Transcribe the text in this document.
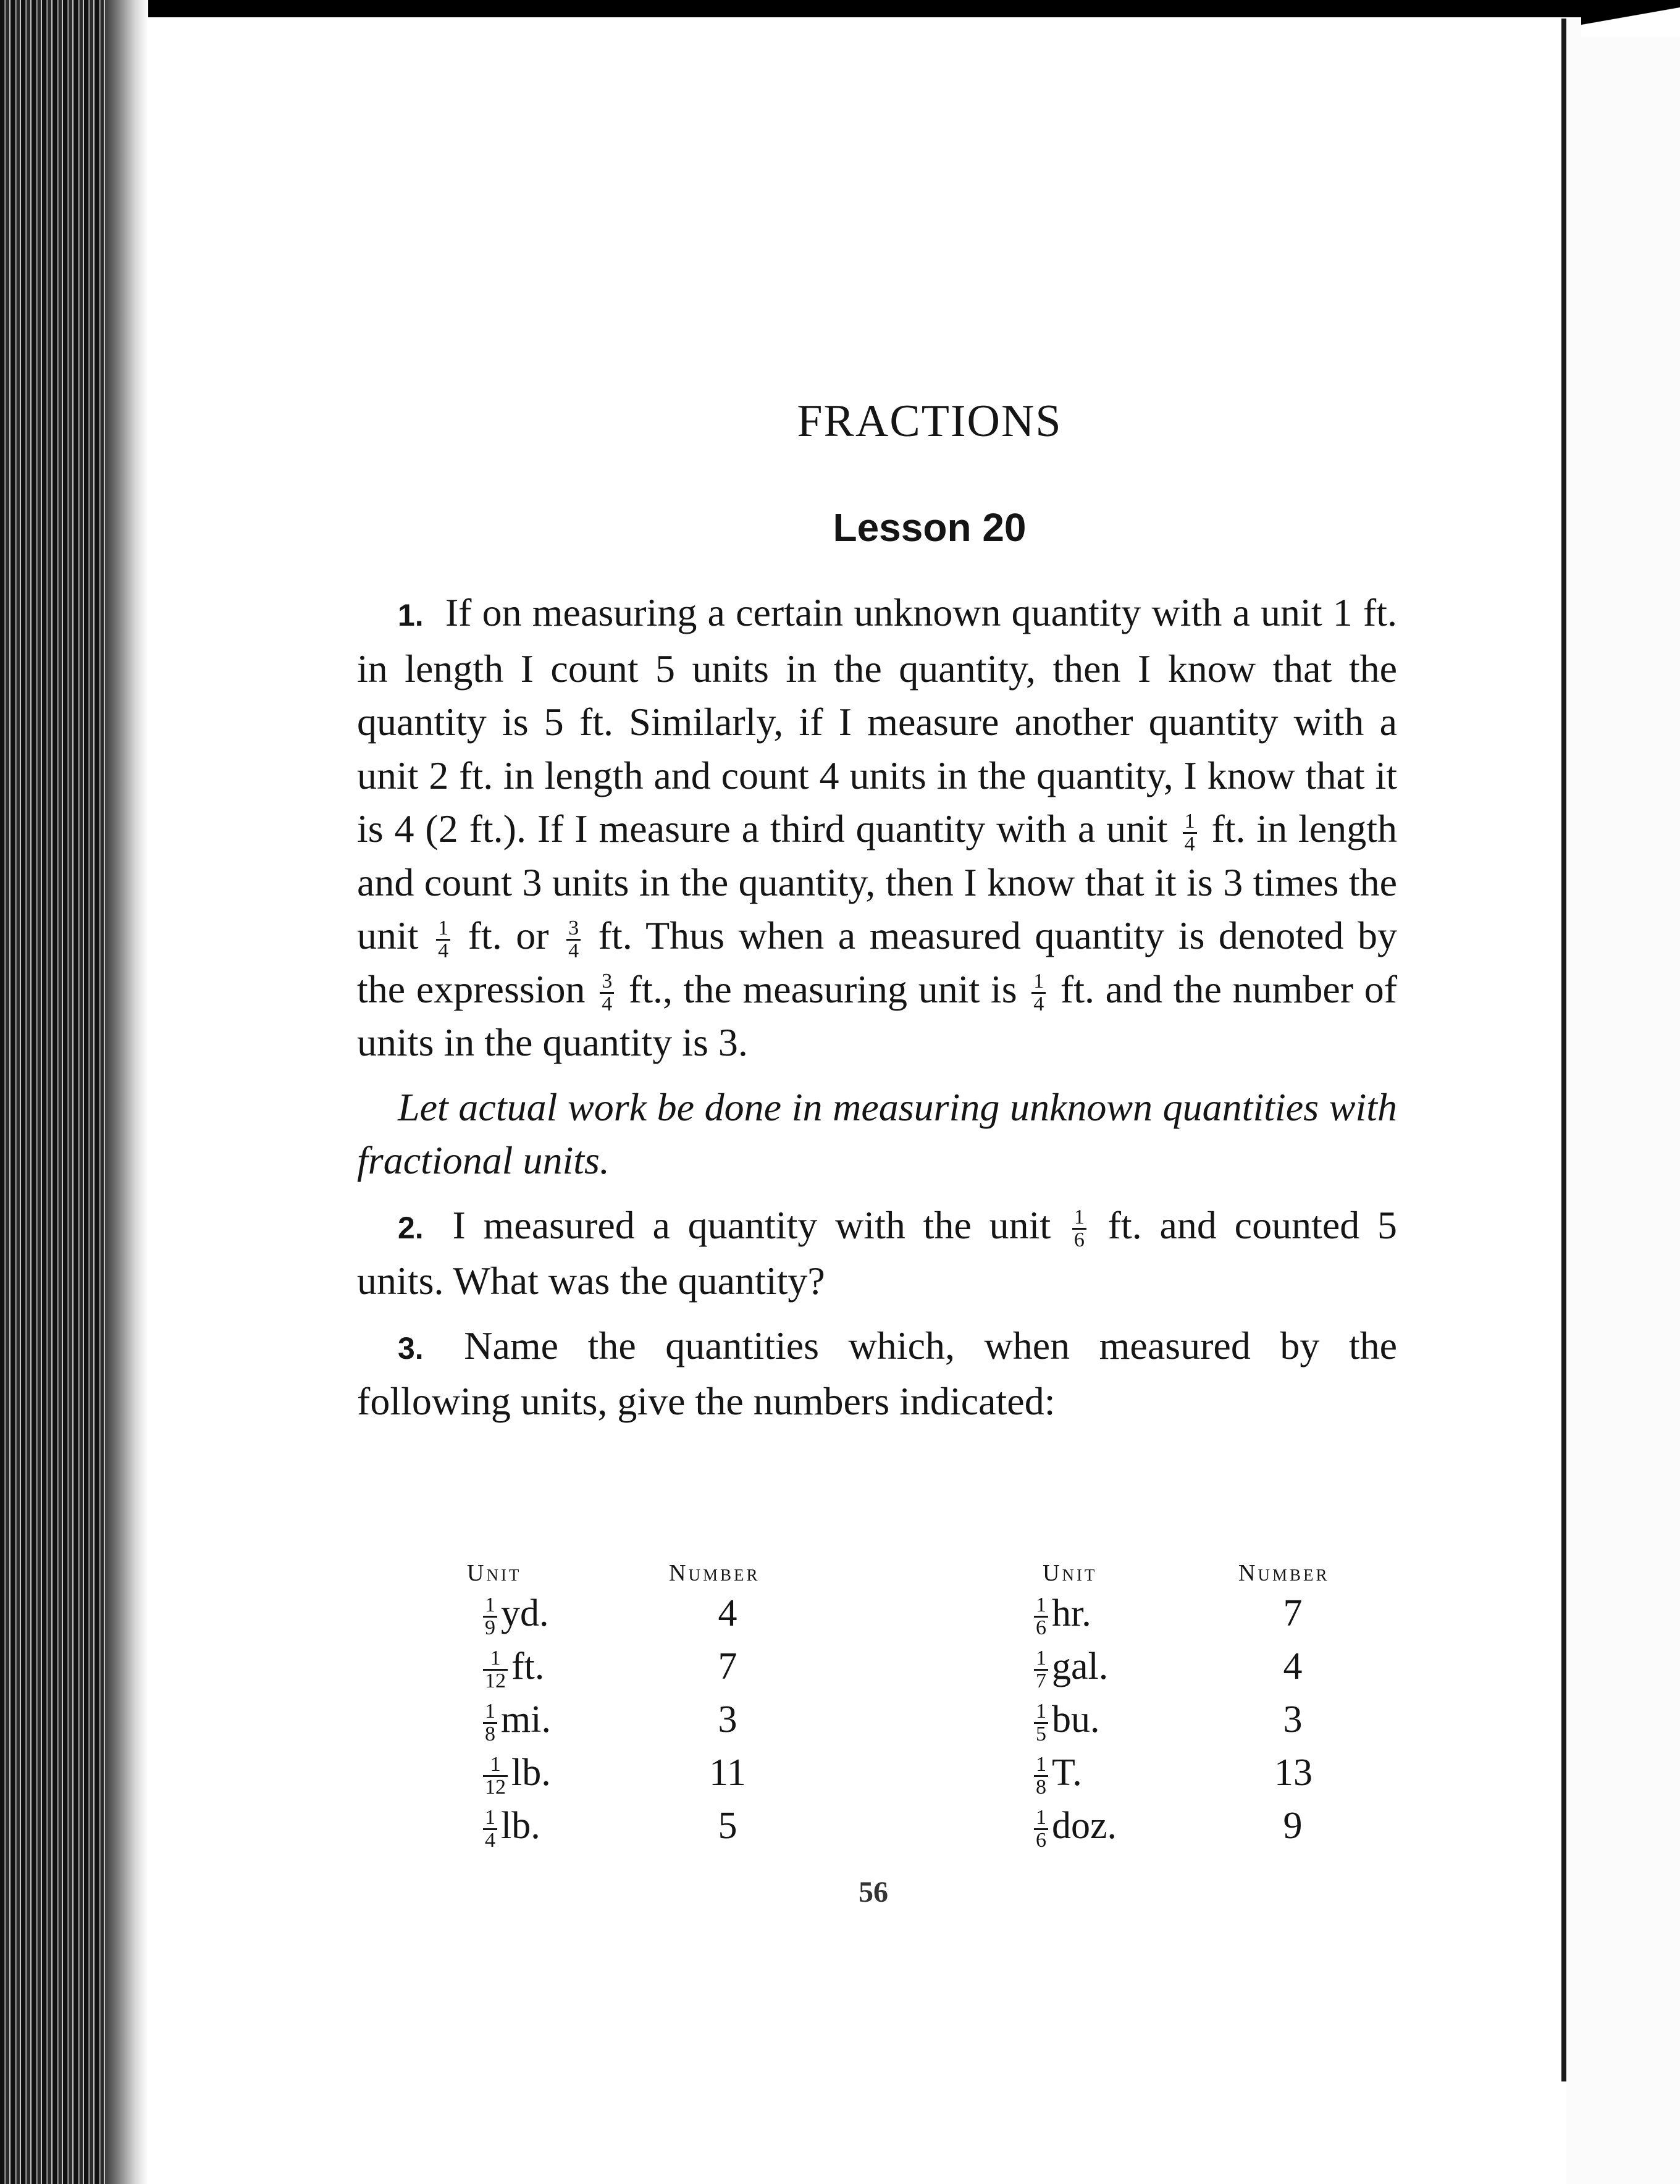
FRACTIONS
Lesson 20

1. If on measuring a certain unknown quantity with a unit 1 ft. in length I count 5 units in the quantity, then I know that the quantity is 5 ft. Similarly, if I measure another quantity with a unit 2 ft. in length and count 4 units in the quantity, I know that it is 4 (2 ft.). If I measure a third quantity with a unit $\frac{1}{4}$ ft. in length and count 3 units in the quantity, then I know that it is 3 times the unit $\frac{1}{4}$ ft. or $\frac{3}{4}$ ft. Thus when a measured quantity is denoted by the expression $\frac{3}{4}$ ft., the measuring unit is $\frac{1}{4}$ ft. and the number of units in the quantity is 3.

Let actual work be done in measuring unknown quantities with fractional units.

2. I measured a quantity with the unit $\frac{1}{6}$ ft. and counted 5 units. What was the quantity?

3. Name the quantities which, when measured by the following units, give the numbers indicated:

Unit	Number	Unit	Number
$\frac{1}{9}$ yd.	4	$\frac{1}{6}$ hr.	7
$\frac{1}{12}$ ft.	7	$\frac{1}{7}$ gal.	4
$\frac{1}{8}$ mi.	3	$\frac{1}{5}$ bu.	3
$\frac{1}{12}$ lb.	11	$\frac{1}{8} T$.	13
$\frac{1}{4}$ lb.	5	$\frac{1}{6}$ doz.	9
56
